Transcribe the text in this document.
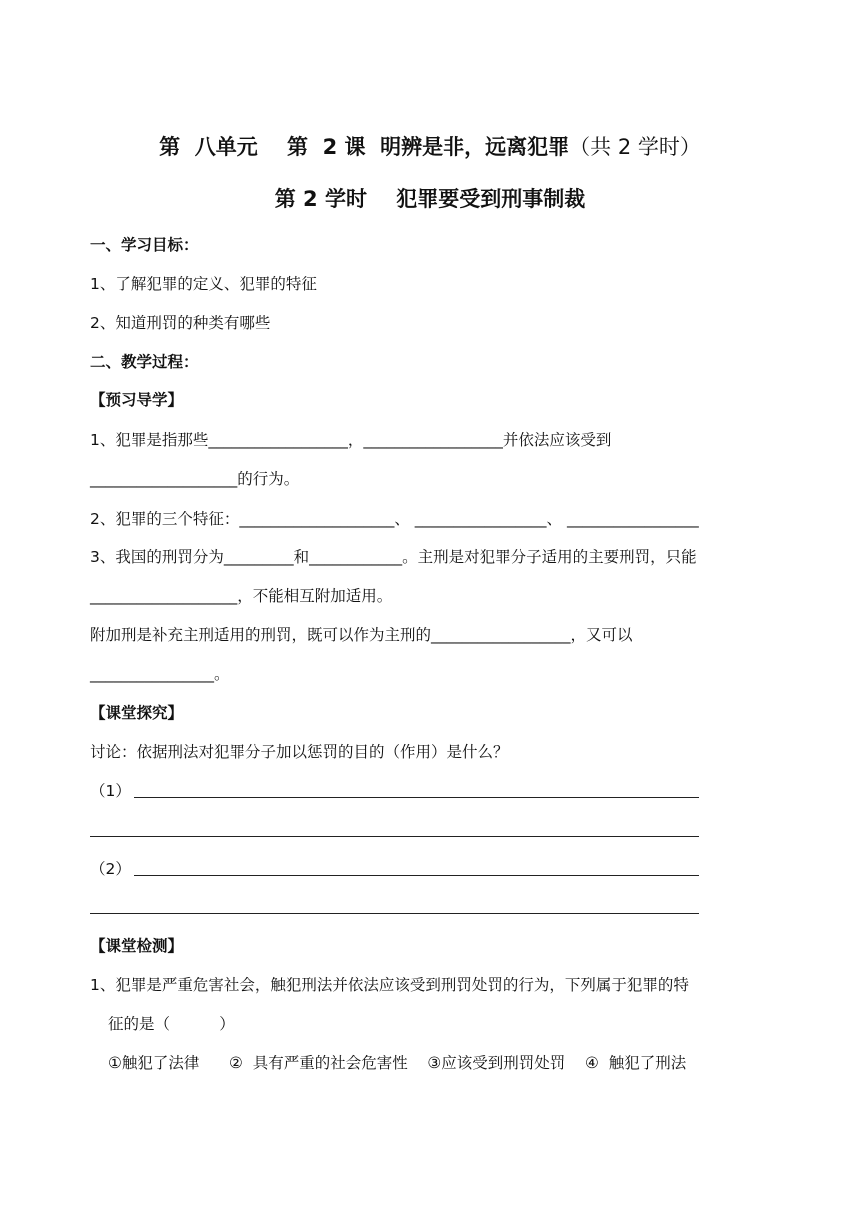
第  八单元    第  2 课  明辨是非，远离犯罪（共 2 学时）
第 2 学时    犯罪要受到刑事制裁
一、学习目标：
1、了解犯罪的定义、犯罪的特征
2、知道刑罚的种类有哪些
二、教学过程：
【预习导学】
1、犯罪是指那些__________________，__________________并依法应该受到
___________________的行为。
2、犯罪的三个特征：____________________、 _________________、 _________________
3、我国的刑罚分为_________和____________。主刑是对犯罪分子适用的主要刑罚，只能
___________________，不能相互附加适用。
附加刑是补充主刑适用的刑罚，既可以作为主刑的__________________，又可以
________________。
【课堂探究】
讨论：依据刑法对犯罪分子加以惩罚的目的（作用）是什么？
（1）
（2）
【课堂检测】
1、犯罪是严重危害社会，触犯刑法并依法应该受到刑罚处罚的行为，下列属于犯罪的特
征的是（          ）
①触犯了法律      ②  具有严重的社会危害性    ③应该受到刑罚处罚    ④  触犯了刑法
